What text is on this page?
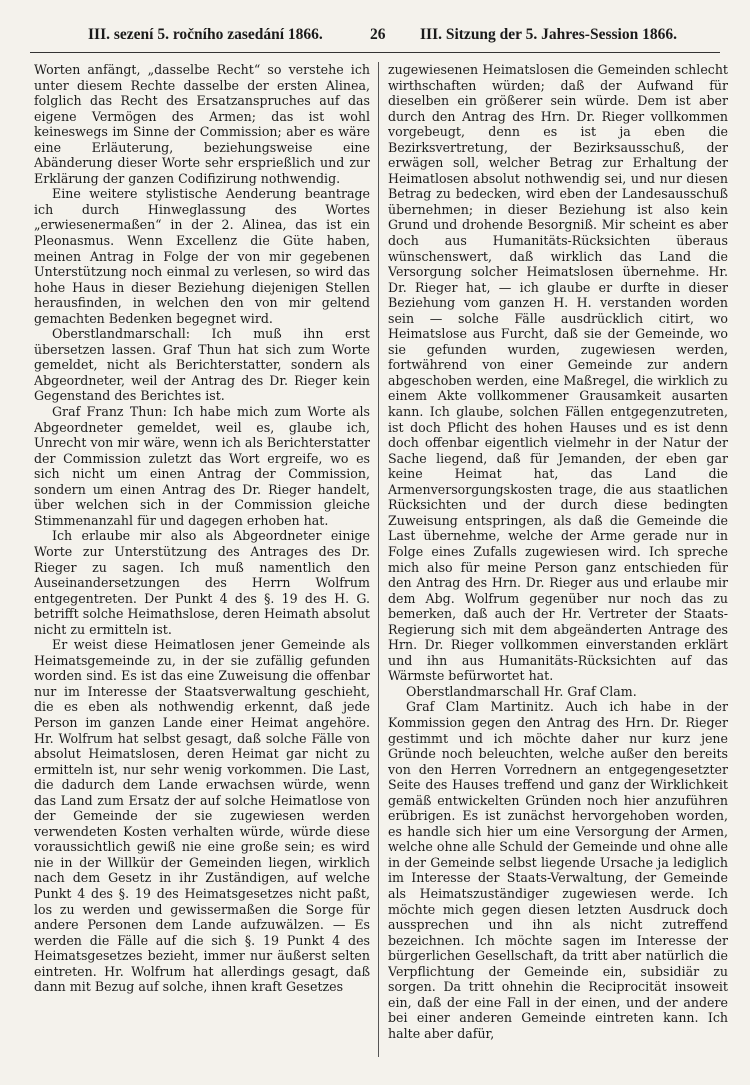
III. sezení 5. ročního zasedání 1866.	26 III. Sitzung der 5. Jahres-Session 1866.

Worten anfängt, „dasselbe Recht“ so verstehe ich unter diesem Rechte dasselbe der ersten Alinea, folglich das Recht des Ersatzanspruches auf das eigene Vermögen des Armen; das ist wohl keineswegs im Sinne der Commission; aber es wäre eine Erläuterung, beziehungsweise eine Abänderung dieser Worte sehr ersprießlich und zur Erklärung der ganzen Codifizirung nothwendig.

Eine weitere stylistische Aenderung beantrage ich durch Hinweglassung des Wortes „erwiesenermaßen“ in der 2. Alinea, das ist ein Pleonasmus. Wenn Excellenz die Güte haben, meinen Antrag in Folge der von mir gegebenen Unterstützung noch einmal zu verlesen, so wird das hohe Haus in dieser Beziehung diejenigen Stellen herausfinden, in welchen den von mir geltend gemachten Bedenken begegnet wird.

Oberstlandmarschall: Ich muß ihn erst übersetzen lassen. Graf Thun hat sich zum Worte gemeldet, nicht als Berichterstatter, sondern als Abgeordneter, weil der Antrag des Dr. Rieger kein Gegenstand des Berichtes ist.

Graf Franz Thun: Ich habe mich zum Worte als Abgeordneter gemeldet, weil es, glaube ich, Unrecht von mir wäre, wenn ich als Berichterstatter der Commission zuletzt das Wort ergreife, wo es sich nicht um einen Antrag der Commission, sondern um einen Antrag des Dr. Rieger handelt, über welchen sich in der Commission gleiche Stimmenanzahl für und dagegen erhoben hat.

Ich erlaube mir also als Abgeordneter einige Worte zur Unterstützung des Antrages des Dr. Rieger zu sagen. Ich muß namentlich den Auseinandersetzungen des Herrn Wolfrum entgegentreten. Der Punkt 4 des §. 19 des H. G. betrifft solche Heimathslose, deren Heimath absolut nicht zu ermitteln ist.

Er weist diese Heimatlosen jener Gemeinde als Heimatsgemeinde zu, in der sie zufällig gefunden worden sind. Es ist das eine Zuweisung die offenbar nur im Interesse der Staatsverwaltung geschieht, die es eben als nothwendig erkennt, daß jede Person im ganzen Lande einer Heimat angehöre. Hr. Wolfrum hat selbst gesagt, daß solche Fälle von absolut Heimatslosen, deren Heimat gar nicht zu ermitteln ist, nur sehr wenig vorkommen. Die Last, die dadurch dem Lande erwachsen würde, wenn das Land zum Ersatz der auf solche Heimatlose von der Gemeinde der sie zugewiesen werden verwendeten Kosten verhalten würde, würde diese voraussichtlich gewiß nie eine große sein; es wird nie in der Willkür der Gemeinden liegen, wirklich nach dem Gesetz in ihr Zuständigen, auf welche Punkt 4 des §. 19 des Heimatsgesetzes nicht paßt, los zu werden und gewissermaßen die Sorge für andere Personen dem Lande aufzuwälzen. — Es werden die Fälle auf die sich §. 19 Punkt 4 des Heimatsgesetzes bezieht, immer nur äußerst selten eintreten. Hr. Wolfrum hat allerdings gesagt, daß dann mit Bezug auf solche, ihnen kraft Gesetzes

zugewiesenen Heimatslosen die Gemeinden schlecht wirthschaften würden; daß der Aufwand für dieselben ein größerer sein würde. Dem ist aber durch den Antrag des Hrn. Dr. Rieger vollkommen vorgebeugt, denn es ist ja eben die Bezirksvertretung, der Bezirksausschuß, der erwägen soll, welcher Betrag zur Erhaltung der Heimatlosen absolut nothwendig sei, und nur diesen Betrag zu bedecken, wird eben der Landesausschuß übernehmen; in dieser Beziehung ist also kein Grund und drohende Besorgniß. Mir scheint es aber doch aus Humanitäts-Rücksichten überaus wünschenswert, daß wirklich das Land die Versorgung solcher Heimatslosen übernehme. Hr. Dr. Rieger hat, — ich glaube er durfte in dieser Beziehung vom ganzen H. H. verstanden worden sein — solche Fälle ausdrücklich citirt, wo Heimatslose aus Furcht, daß sie der Gemeinde, wo sie gefunden wurden, zugewiesen werden, fortwährend von einer Gemeinde zur andern abgeschoben werden, eine Maßregel, die wirklich zu einem Akte vollkommener Grausamkeit ausarten kann. Ich glaube, solchen Fällen entgegenzutreten, ist doch Pflicht des hohen Hauses und es ist denn doch offenbar eigentlich vielmehr in der Natur der Sache liegend, daß für Jemanden, der eben gar keine Heimat hat, das Land die Armenversorgungskosten trage, die aus staatlichen Rücksichten und der durch diese bedingten Zuweisung entspringen, als daß die Gemeinde die Last übernehme, welche der Arme gerade nur in Folge eines Zufalls zugewiesen wird. Ich spreche mich also für meine Person ganz entschieden für den Antrag des Hrn. Dr. Rieger aus und erlaube mir dem Abg. Wolfrum gegenüber nur noch das zu bemerken, daß auch der Hr. Vertreter der Staats-Regierung sich mit dem abgeänderten Antrage des Hrn. Dr. Rieger vollkommen einverstanden erklärt und ihn aus Humanitäts-Rücksichten auf das Wärmste befürwortet hat.

Oberstlandmarschall Hr. Graf Clam.

Graf Clam Martinitz. Auch ich habe in der Kommission gegen den Antrag des Hrn. Dr. Rieger gestimmt und ich möchte daher nur kurz jene Gründe noch beleuchten, welche außer den bereits von den Herren Vorrednern an entgegengesetzter Seite des Hauses treffend und ganz der Wirklichkeit gemäß entwickelten Gründen noch hier anzuführen erübrigen. Es ist zunächst hervorgehoben worden, es handle sich hier um eine Versorgung der Armen, welche ohne alle Schuld der Gemeinde und ohne alle in der Gemeinde selbst liegende Ursache ja lediglich im Interesse der Staats-Verwaltung, der Gemeinde als Heimatszuständiger zugewiesen werde. Ich möchte mich gegen diesen letzten Ausdruck doch aussprechen und ihn als nicht zutreffend bezeichnen. Ich möchte sagen im Interesse der bürgerlichen Gesellschaft, da tritt aber natürlich die Verpflichtung der Gemeinde ein, subsidiär zu sorgen. Da tritt ohnehin die Reciprocität insoweit ein, daß der eine Fall in der einen, und der andere bei einer anderen Gemeinde eintreten kann. Ich halte aber dafür,
